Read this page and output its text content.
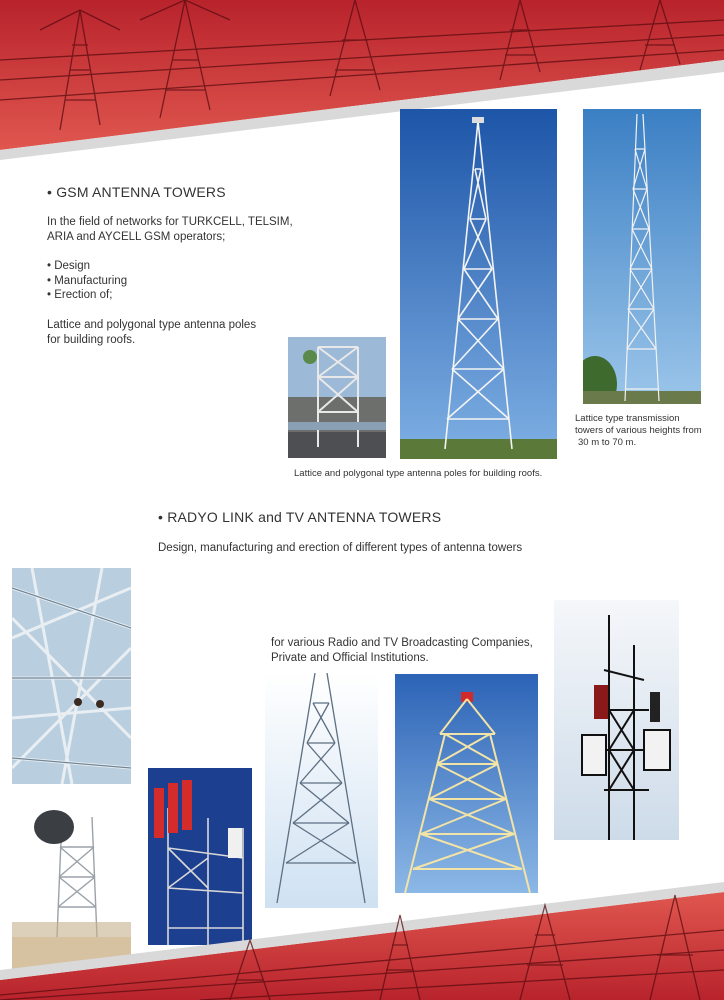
• GSM ANTENNA TOWERS

In the field of networks for TURKCELL, TELSIM,

ARIA and AYCELL GSM operators;

• Design

• Manufacturing

• Erection of;

Lattice and polygonal type antenna poles

for building roofs.

Lattice and polygonal type antenna poles for building roofs.
Lattice type transmission
towers of various heights from
30 m to 70 m.
• RADYO LINK and TV ANTENNA TOWERS
Design, manufacturing and erection of different types of antenna towers

for various Radio and TV Broadcasting Companies,

Private and Official Institutions.
